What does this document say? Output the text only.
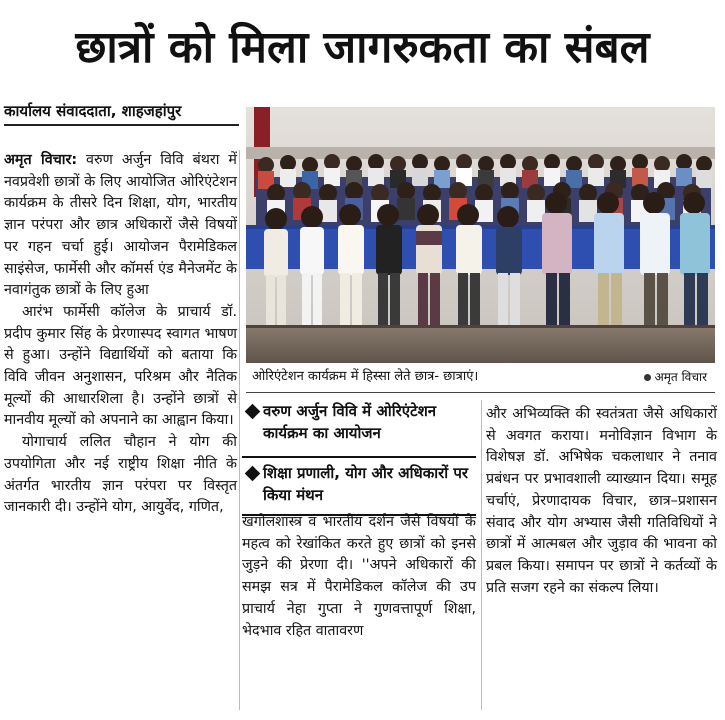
छात्रों को मिला जागरुकता का संबल
कार्यालय संवाददाता, शाहजहांपुर

अमृत विचार: वरुण अर्जुन विवि बंथरा में नवप्रवेशी छात्रों के लिए आयोजित ओरिएंटेशन कार्यक्रम के तीसरे दिन शिक्षा, योग, भारतीय ज्ञान परंपरा और छात्र अधिकारों जैसे विषयों पर गहन चर्चा हुई। आयोजन पैरामेडिकल साइंसेज, फार्मेसी और कॉमर्स एंड मैनेजमेंट के नवागंतुक छात्रों के लिए हुआ

आरंभ फार्मेसी कॉलेज के प्राचार्य डॉ. प्रदीप कुमार सिंह के प्रेरणास्पद स्वागत भाषण से हुआ। उन्होंने विद्यार्थियों को बताया कि विवि जीवन अनुशासन, परिश्रम और नैतिक मूल्यों की आधारशिला है। उन्होंने छात्रों से मानवीय मूल्यों को अपनाने का आह्वान किया।

योगाचार्य ललित चौहान ने योग की उपयोगिता और नई राष्ट्रीय शिक्षा नीति के अंतर्गत भारतीय ज्ञान परंपरा पर विस्तृत जानकारी दी। उन्होंने योग, आयुर्वेद, गणित,

ओरिएंटेशन कार्यक्रम में हिस्सा लेते छात्र- छात्राएं।	अमृत विचार
वरुण अर्जुन विवि में ओरिएंटेशन कार्यक्रम का आयोजन
शिक्षा प्रणाली, योग और अधिकारों पर किया मंथन

खगोलशास्त्र व भारतीय दर्शन जैसे विषयों के महत्व को रेखांकित करते हुए छात्रों को इनसे जुड़ने की प्रेरणा दी। ''अपने अधिकारों की समझ सत्र में पैरामेडिकल कॉलेज की उप प्राचार्य नेहा गुप्ता ने गुणवत्तापूर्ण शिक्षा, भेदभाव रहित वातावरण

और अभिव्यक्ति की स्वतंत्रता जैसे अधिकारों से अवगत कराया। मनोविज्ञान विभाग के विशेषज्ञ डॉ. अभिषेक चकलाधार ने तनाव प्रबंधन पर प्रभावशाली व्याख्यान दिया। समूह चर्चाएं, प्रेरणादायक विचार, छात्र–प्रशासन संवाद और योग अभ्यास जैसी गतिविधियों ने छात्रों में आत्मबल और जुड़ाव की भावना को प्रबल किया। समापन पर छात्रों ने कर्तव्यों के प्रति सजग रहने का संकल्प लिया।
